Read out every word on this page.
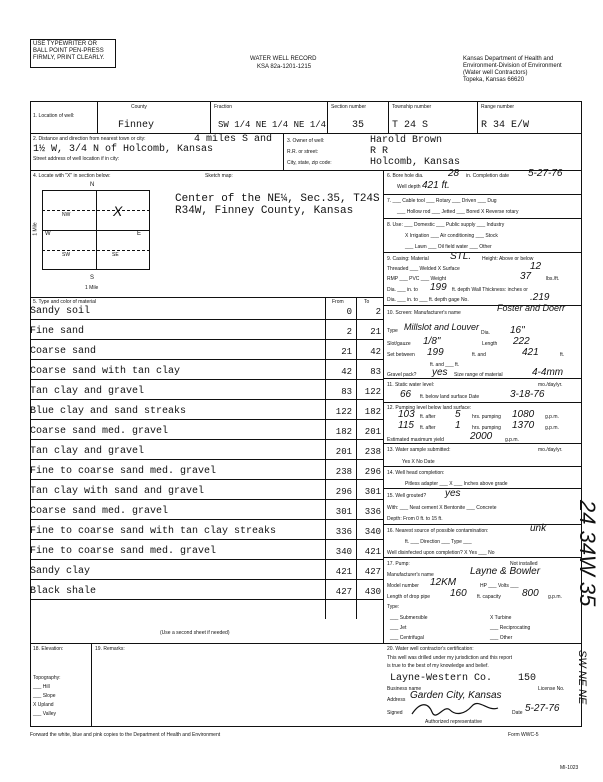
USE TYPEWRITER OR BALL POINT PEN-PRESS FIRMLY, PRINT CLEARLY.	WATER WELL RECORD
KSA 82a-1201-1215
Kansas Department of Health and
Environment-Division of Environment
(Water well Contractors)
Topeka, Kansas 66620
1. Location of well:
County
Finney
Fraction
SW 1/4 NE 1/4 NE 1/4
Section number
35
Township number
T 24 S
Range number
R 34 E/W
2. Distance and direction from nearest town or city:	4 miles S and
1½ W, 3/4 N of Holcomb, Kansas
Street address of well location if in city:
3. Owner of well:	Harold Brown
R.R. or street:	R R
City, state, zip code:	Holcomb, Kansas
4. Locate with "X" in section below:	Sketch map:
N
NW
SW	SE
X
W	E
S
1 Mile
1 Mile
Center of the NE¼, Sec.35, T24S
R34W, Finney County, Kansas
6. Bore hole dia. 28 in. Completion date 5-27-76
Well depth 421 ft.
7. ___ Cable tool ___ Rotary ___ Driven ___ Dug
___ Hollow rod ___ Jetted ___ Bored X Reverse rotary
8. Use: ___ Domestic ___ Public supply ___ Industry
X Irrigation ___ Air conditioning ___ Stock
___ Lawn ___ Oil field water ___ Other
9. Casing: Material STL. Height: Above or below
Threaded ___ Welded X Surface	12
RMP ___ PVC ___ Weight	37	lbs./ft.
Dia. ___ in. to 199 ft. depth Wall Thickness: inches or
Dia. ___ in. to ___ ft. depth gage No.	.219
5. Type and color of material	From	To
Sandy soil	0	2
Fine sand	2	21
Coarse sand	21	42
Coarse sand with tan clay	42	83
Tan clay and gravel	83	122
Blue clay and sand streaks	122	182
Coarse sand med. gravel	182	201
Tan clay and gravel	201	238
Fine to coarse sand med. gravel	238	296
Tan clay with sand and gravel	296	301
Coarse sand med. gravel	301	336
Fine to coarse sand with tan clay streaks	336	340
Fine to coarse sand med. gravel	340	421
Sandy clay	421	427
Black shale	427	430
(Use a second sheet if needed)
10. Screen: Manufacturer's name	Foster and Doerr
Type Millslot and Louver
Dia. 16"
Slot/gauze 1/8"	Length 222
Set between 199	ft. and	421	ft.
ft. and ___ ft.
Gravel pack? yes Size range of material	4-4mm
11. Static water level:	mo./day/yr.
66 ft. below land surface Date	3-18-76
12. Pumping level below land surface:
103 ft. after 5 hrs. pumping 1080 g.p.m.
115 ft. after 1 hrs. pumping 1370 g.p.m.
Estimated maximum yield	2000	g.p.m.
13. Water sample submitted:	mo./day/yr.
Yes X No Date
14. Well head completion:
Pitless adapter ___ X ___ Inches above grade
15. Well grouted? yes
With: ___ Neat cement X Bentonite ___ Concrete
Depth: From 0 ft. to 15 ft.
16. Nearest source of possible contamination:	unk
ft. ___ Direction ___ Type ___
Well disinfected upon completion? X Yes ___ No
17. Pump:	Not installed
Manufacturer's name	Layne & Bowler
Model number 12KM	HP ___ Volts ___
Length of drop pipe 160 ft. capacity 800 g.p.m.
Type:
___ Submersible	X Turbine
___ Jet	___ Reciprocating
___ Centrifugal	___ Other
18. Elevation:	19. Remarks:
Topography:
___ Hill
___ Slope
X Upland
___ Valley
20. Water well contractor's certification:
This well was drilled under my jurisdiction and this report
is true to the best of my knowledge and belief.
Layne-Western Co.	150
Business name	License No.
Address Garden City, Kansas
Signed	Date 5-27-76
Authorized representative
Forward the white, blue and pink copies to the Department of Health and Environment	Form WWC-5
MI-1023
24 34W 35
SW NE NE
